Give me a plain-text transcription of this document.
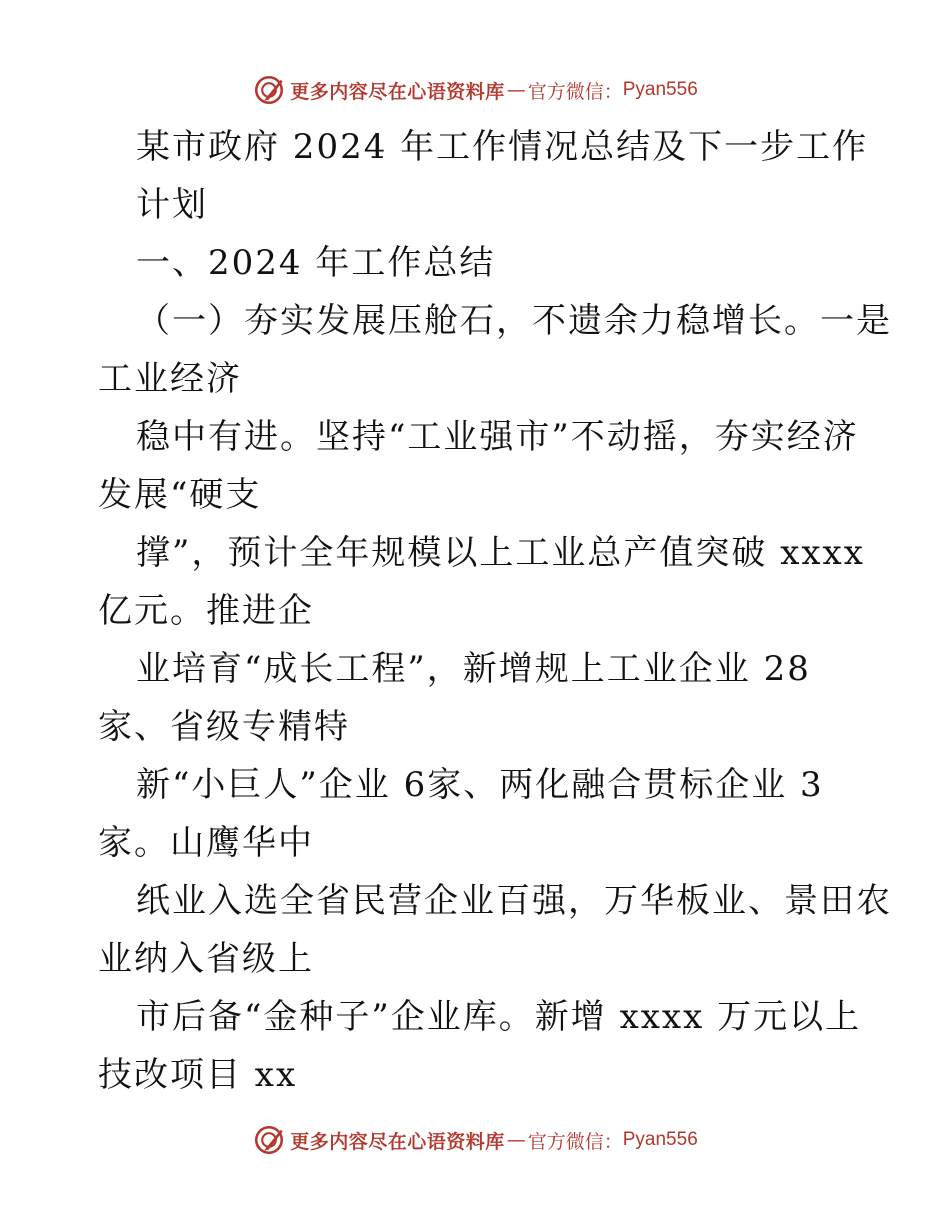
更多内容尽在心语资料库 — 官方微信： Pyan556
某市政府 2024 年工作情况总结及下一步工作
计划
一、2024 年工作总结
（一）夯实发展压舱石，不遗余力稳增长。一是
工业经济
稳中有进。坚持“工业强市”不动摇，夯实经济
发展“硬支
撑”，预计全年规模以上工业总产值突破 xxxx
亿元。推进企
业培育“成长工程”，新增规上工业企业 28
家、省级专精特
新“小巨人”企业 6家、两化融合贯标企业 3
家。山鹰华中
纸业入选全省民营企业百强，万华板业、景田农
业纳入省级上
市后备“金种子”企业库。新增 xxxx 万元以上
技改项目 xx
更多内容尽在心语资料库 — 官方微信： Pyan556
